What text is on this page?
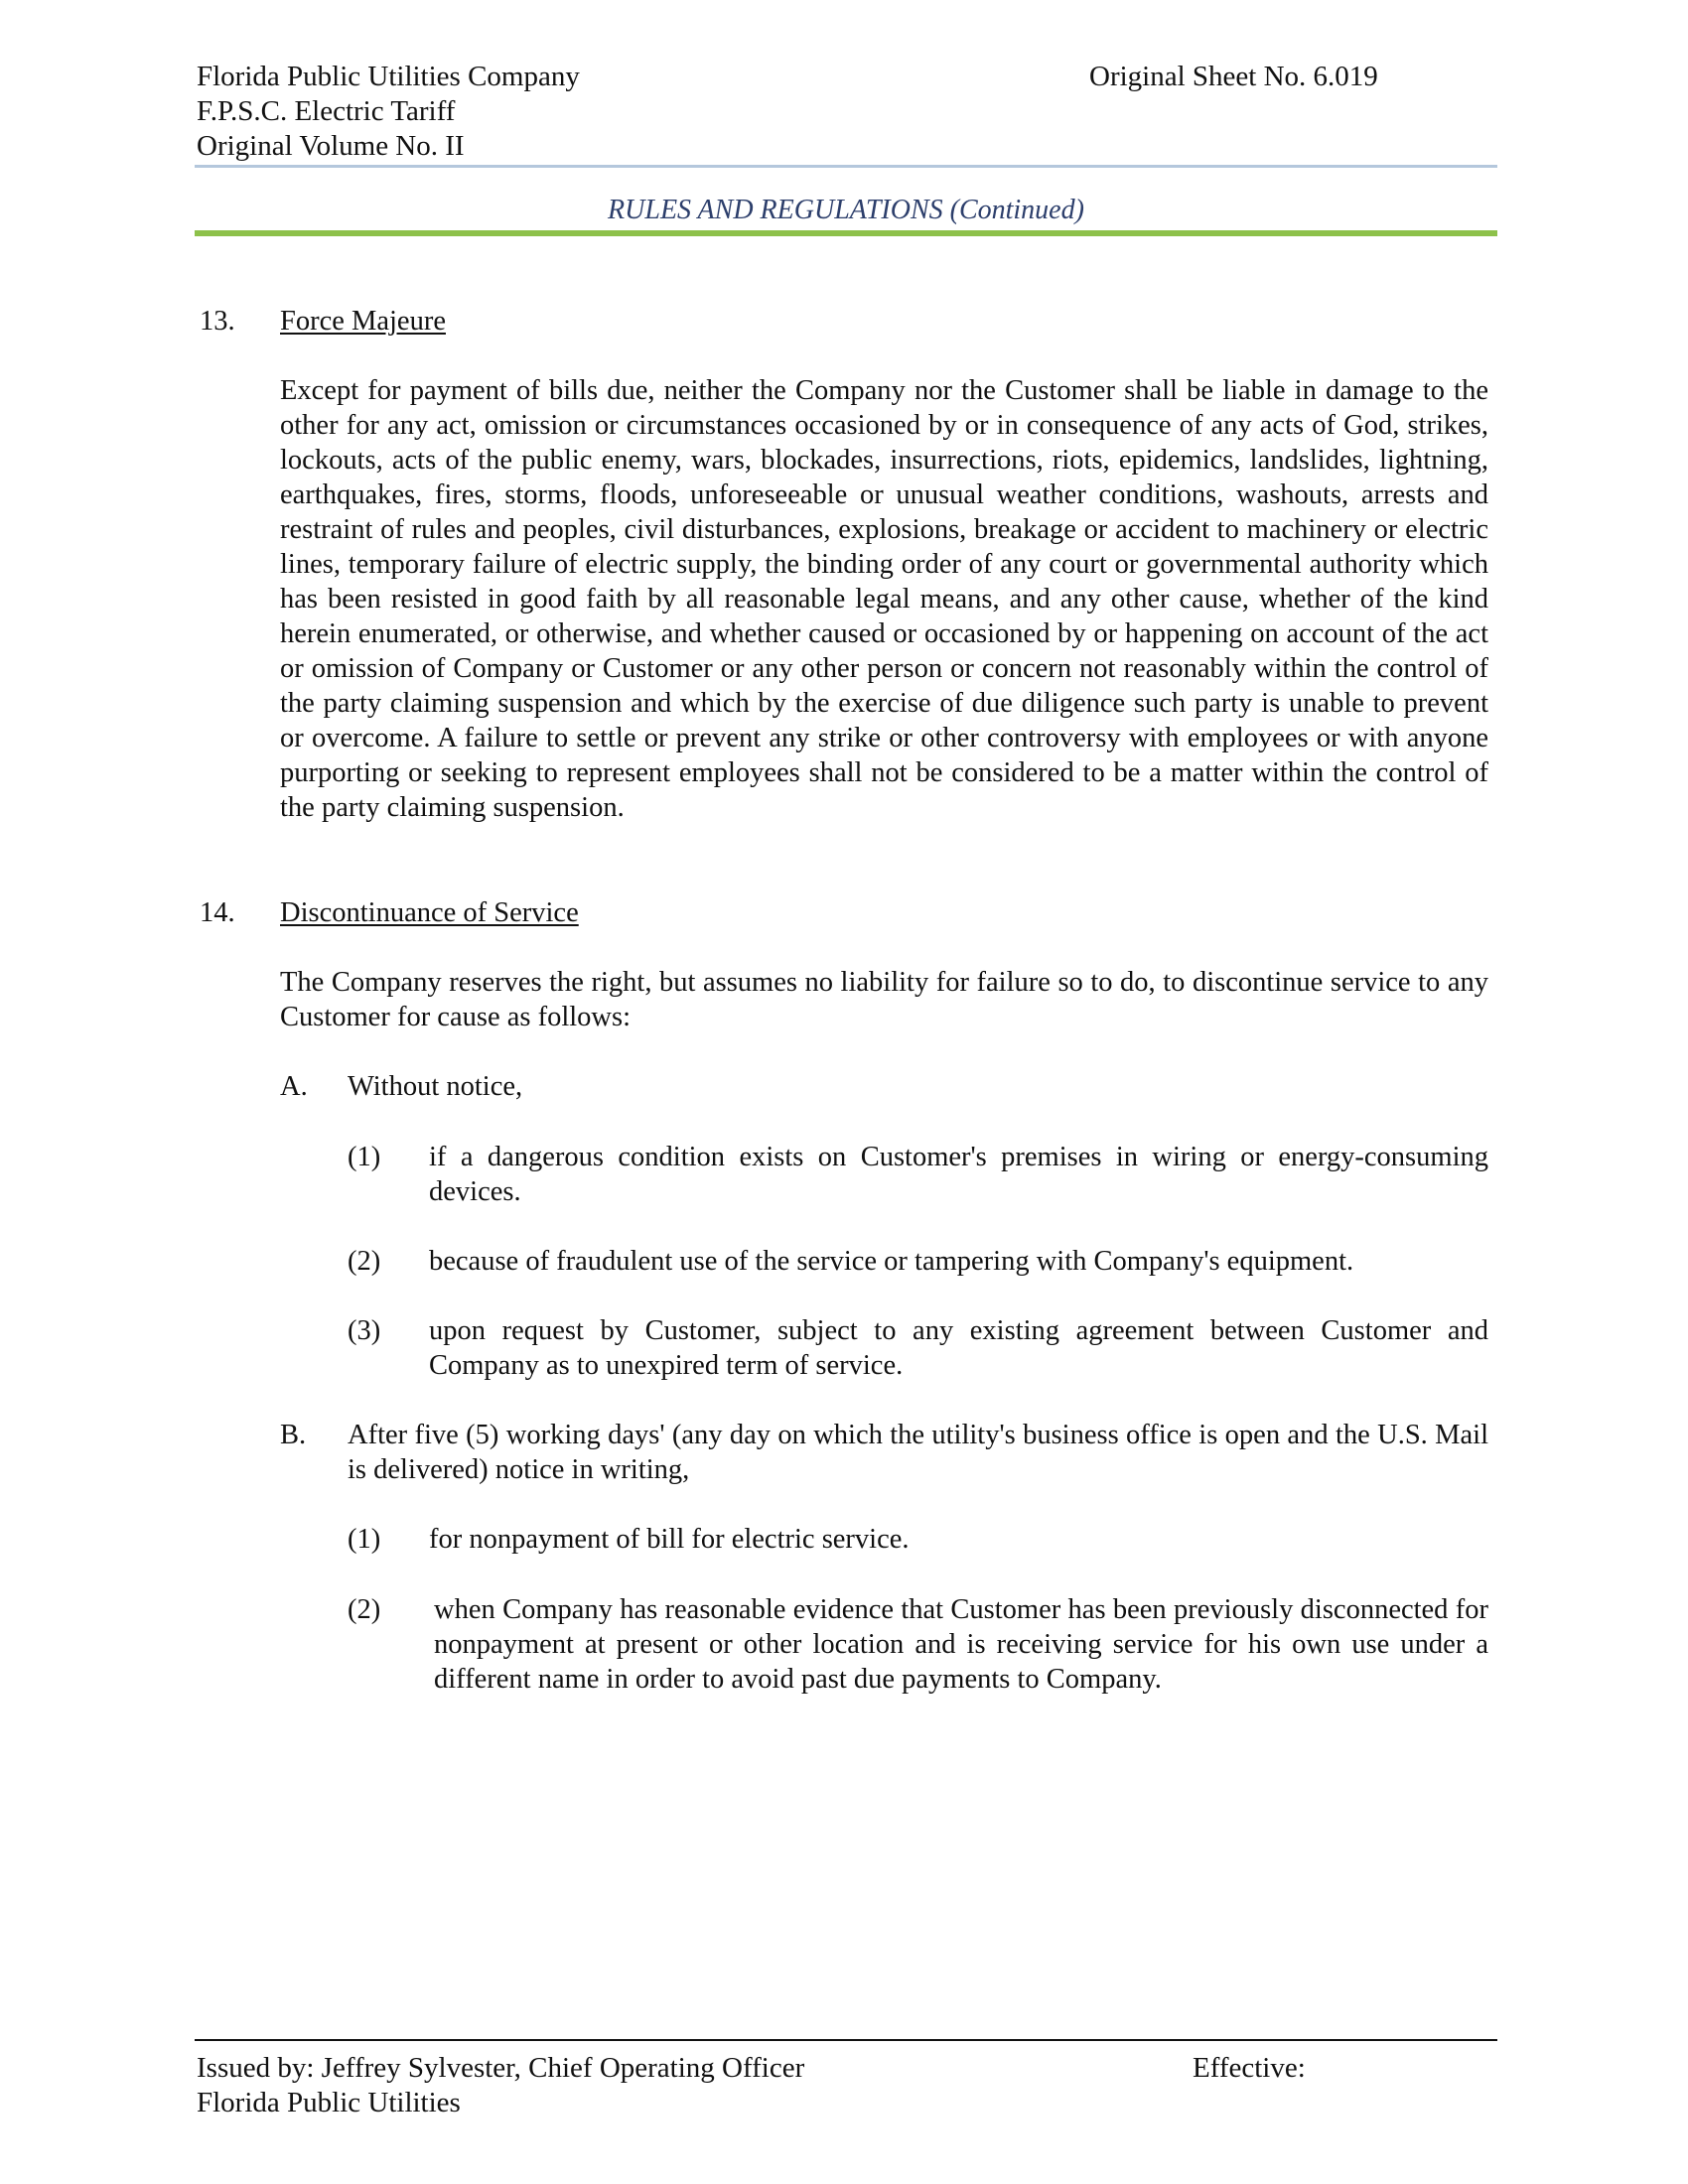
Florida Public Utilities Company
F.P.S.C. Electric Tariff
Original Volume No. II
Original Sheet No. 6.019
RULES AND REGULATIONS (Continued)
13. Force Majeure
Except for payment of bills due, neither the Company nor the Customer shall be liable in damage to the other for any act, omission or circumstances occasioned by or in consequence of any acts of God, strikes, lockouts, acts of the public enemy, wars, blockades, insurrections, riots, epidemics, landslides, lightning, earthquakes, fires, storms, floods, unforeseeable or unusual weather conditions, washouts, arrests and restraint of rules and peoples, civil disturbances, explosions, breakage or accident to machinery or electric lines, temporary failure of electric supply, the binding order of any court or governmental authority which has been resisted in good faith by all reasonable legal means, and any other cause, whether of the kind herein enumerated, or otherwise, and whether caused or occasioned by or happening on account of the act or omission of Company or Customer or any other person or concern not reasonably within the control of the party claiming suspension and which by the exercise of due diligence such party is unable to prevent or overcome. A failure to settle or prevent any strike or other controversy with employees or with anyone purporting or seeking to represent employees shall not be considered to be a matter within the control of the party claiming suspension.
14. Discontinuance of Service
The Company reserves the right, but assumes no liability for failure so to do, to discontinue service to any Customer for cause as follows:
A. Without notice,
(1) if a dangerous condition exists on Customer's premises in wiring or energy-consuming devices.
(2) because of fraudulent use of the service or tampering with Company's equipment.
(3) upon request by Customer, subject to any existing agreement between Customer and Company as to unexpired term of service.
B. After five (5) working days' (any day on which the utility's business office is open and the U.S. Mail is delivered) notice in writing,
(1) for nonpayment of bill for electric service.
(2) when Company has reasonable evidence that Customer has been previously disconnected for nonpayment at present or other location and is receiving service for his own use under a different name in order to avoid past due payments to Company.
Issued by: Jeffrey Sylvester, Chief Operating Officer
Florida Public Utilities
Effective:
